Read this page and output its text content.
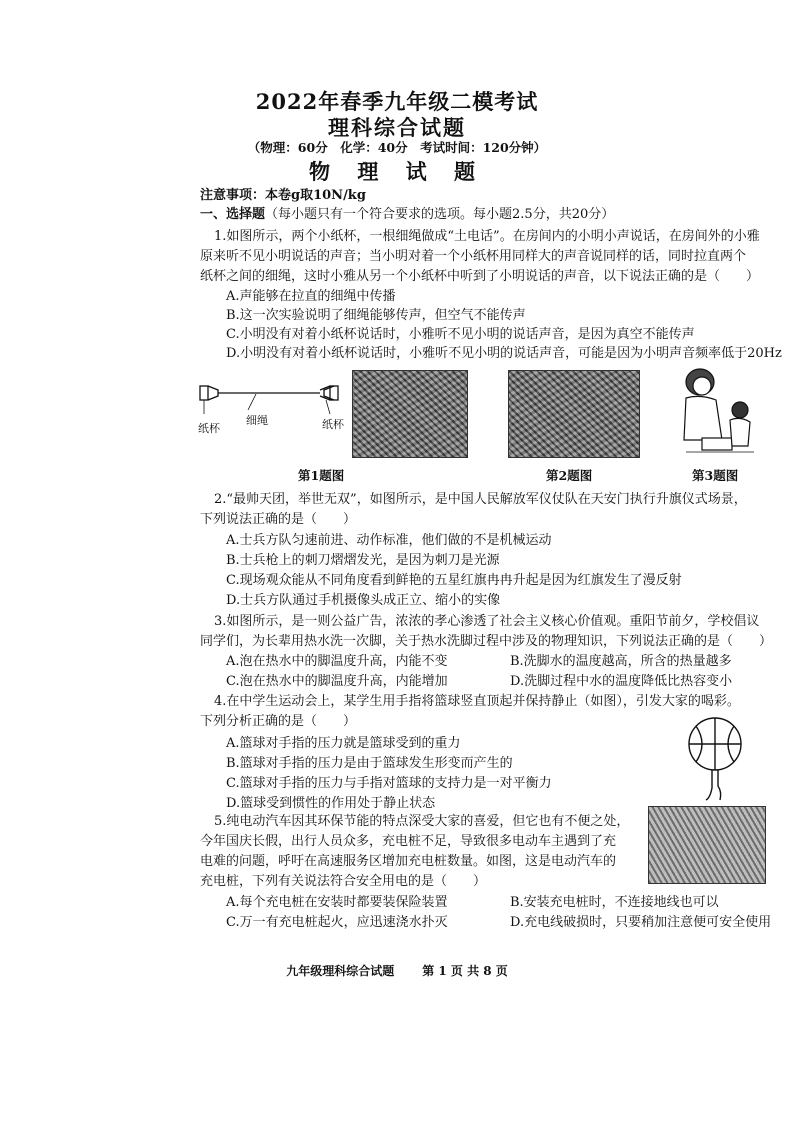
2022年春季九年级二模考试
理科综合试题
（物理：60分　化学：40分　考试时间：120分钟）
物 理 试 题
注意事项：本卷g取10N/kg
一、选择题（每小题只有一个符合要求的选项。每小题2.5分，共20分）
1.如图所示，两个小纸杯，一根细绳做成“土电话”。在房间内的小明小声说话，在房间外的小雅
原来听不见小明说话的声音；当小明对着一个小纸杯用同样大的声音说同样的话，同时拉直两个
纸杯之间的细绳，这时小雅从另一个小纸杯中听到了小明说话的声音，以下说法正确的是（　　）
A.声能够在拉直的细绳中传播
B.这一次实验说明了细绳能够传声，但空气不能传声
C.小明没有对着小纸杯说话时，小雅听不见小明的说话声音，是因为真空不能传声
D.小明没有对着小纸杯说话时，小雅听不见小明的说话声音，可能是因为小明声音频率低于20Hz
纸杯
细绳	纸杯
第1题图	第2题图	第3题图
2.“最帅天团，举世无双”，如图所示，是中国人民解放军仪仗队在天安门执行升旗仪式场景，
下列说法正确的是（　　）
A.士兵方队匀速前进、动作标准，他们做的不是机械运动
B.士兵枪上的刺刀熠熠发光，是因为刺刀是光源
C.现场观众能从不同角度看到鲜艳的五星红旗冉冉升起是因为红旗发生了漫反射
D.士兵方队通过手机摄像头成正立、缩小的实像
3.如图所示，是一则公益广告，浓浓的孝心渗透了社会主义核心价值观。重阳节前夕，学校倡议
同学们，为长辈用热水洗一次脚，关于热水洗脚过程中涉及的物理知识，下列说法正确的是（　　）
A.泡在热水中的脚温度升高，内能不变	B.洗脚水的温度越高，所含的热量越多
C.泡在热水中的脚温度升高，内能增加	D.洗脚过程中水的温度降低比热容变小
4.在中学生运动会上，某学生用手指将篮球竖直顶起并保持静止（如图），引发大家的喝彩。
下列分析正确的是（　　）
A.篮球对手指的压力就是篮球受到的重力
B.篮球对手指的压力是由于篮球发生形变而产生的
C.篮球对手指的压力与手指对篮球的支持力是一对平衡力
D.篮球受到惯性的作用处于静止状态
5.纯电动汽车因其环保节能的特点深受大家的喜爱，但它也有不便之处，
今年国庆长假，出行人员众多，充电桩不足，导致很多电动车主遇到了充
电难的问题，呼吁在高速服务区增加充电桩数量。如图，这是电动汽车的
充电桩，下列有关说法符合安全用电的是（　　）
A.每个充电桩在安装时都要装保险装置	B.安装充电桩时，不连接地线也可以
C.万一有充电桩起火，应迅速浇水扑灭	D.充电线破损时，只要稍加注意便可安全使用
九年级理科综合试题 第 1 页 共 8 页
